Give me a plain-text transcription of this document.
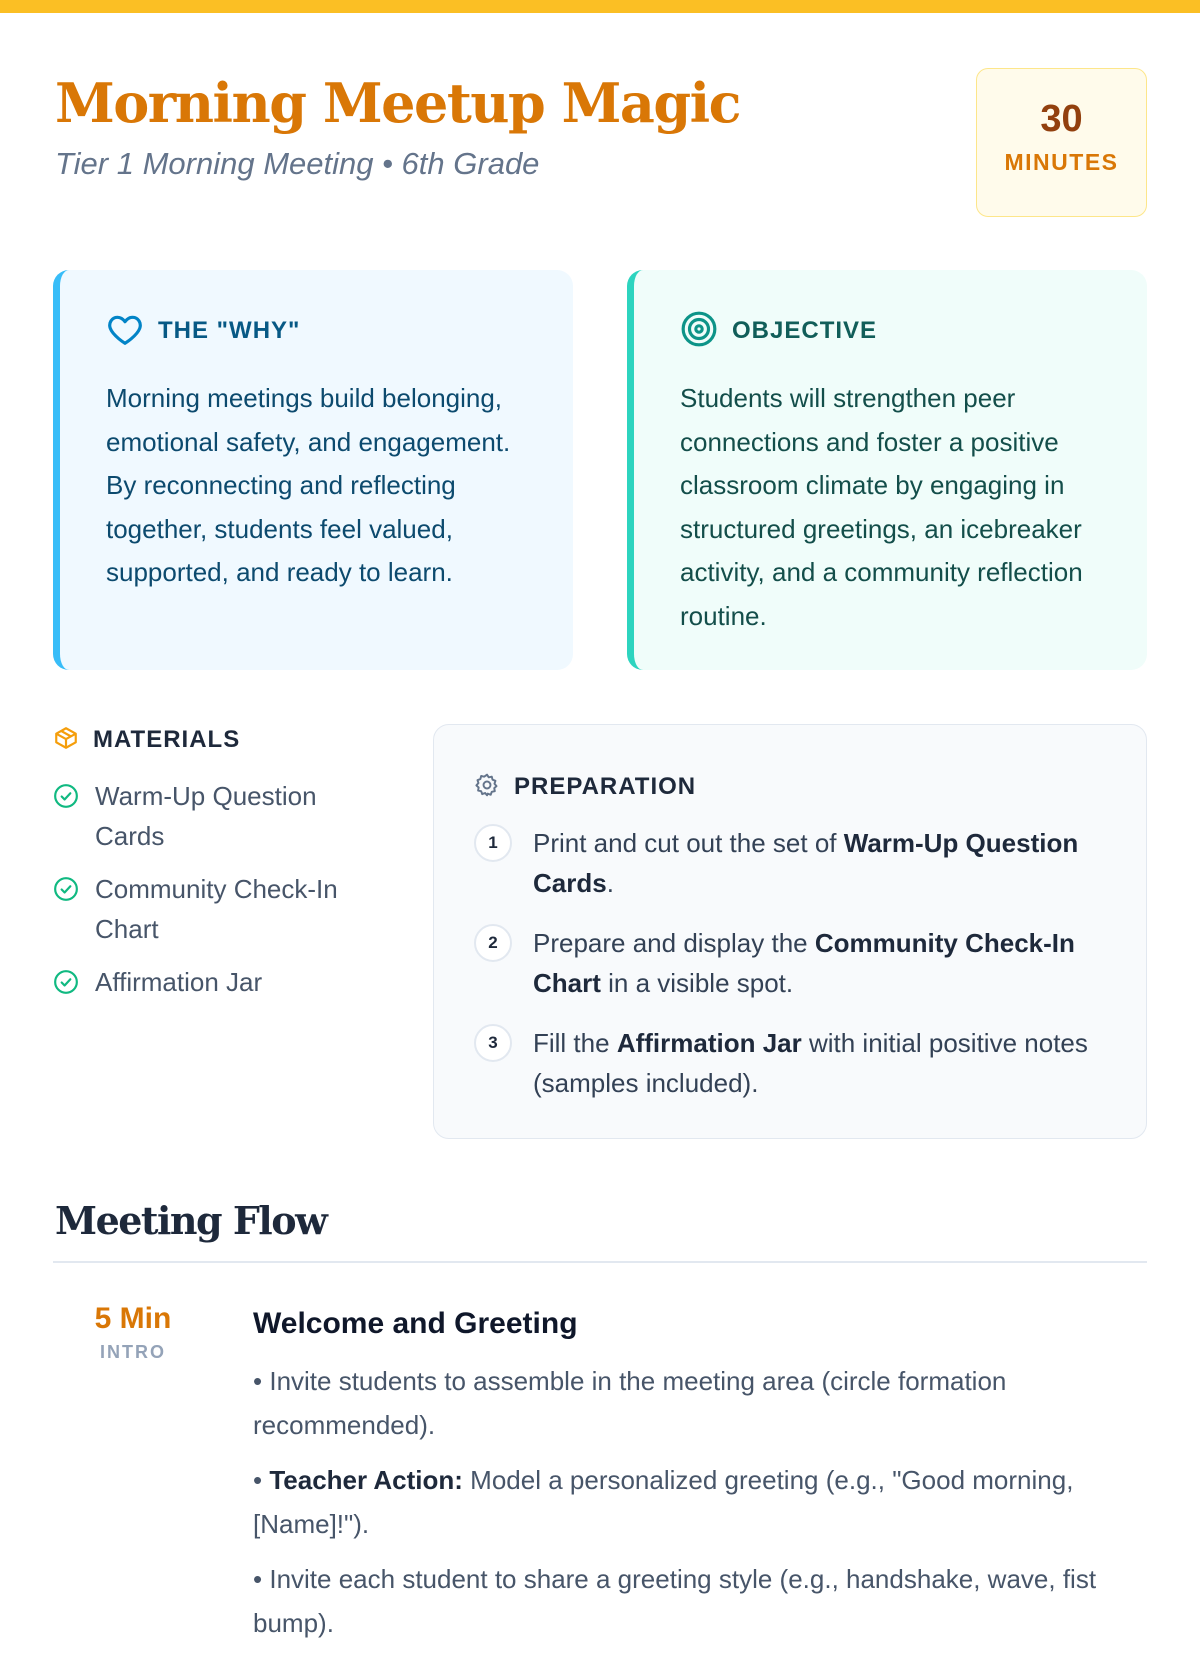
Morning Meetup Magic
Tier 1 Morning Meeting • 6th Grade
30
MINUTES
THE "WHY"

Morning meetings build belonging, emotional safety, and engagement. By reconnecting and reflecting together, students feel valued, supported, and ready to learn.

OBJECTIVE

Students will strengthen peer connections and foster a positive classroom climate by engaging in structured greetings, an icebreaker activity, and a community reflection routine.

MATERIALS
Warm-Up Question Cards
Community Check-In Chart
Affirmation Jar
PREPARATION
1	Print and cut out the set of Warm-Up Question Cards.
2	Prepare and display the Community Check-In Chart in a visible spot.
3	Fill the Affirmation Jar with initial positive notes (samples included).
Meeting Flow
5 Min
INTRO
Welcome and Greeting
• Invite students to assemble in the meeting area (circle formation recommended).
• Teacher Action: Model a personalized greeting (e.g., "Good morning, [Name]!").
• Invite each student to share a greeting style (e.g., handshake, wave, fist bump).
